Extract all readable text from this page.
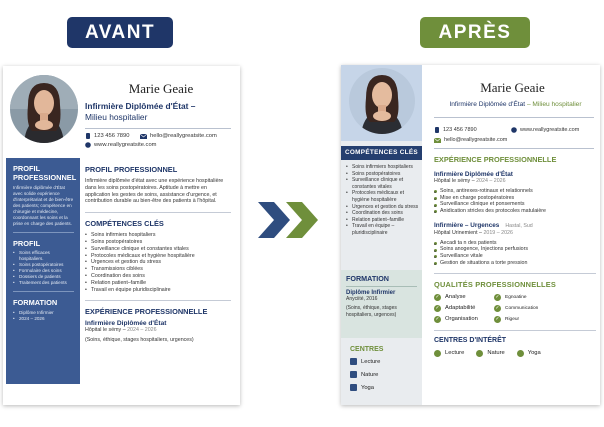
AVANT	APRÈS
Marie Geaie
Infirmière Diplômée d'État –
Milieu hospitalier
123 456 7890	hello@reallygreatsite.com
www.reallygreatsite.com
PROFIL PROFESSIONNEL

Infirmière diplômée d'État avec solide expérience d'interprétariat et de bien-être des patients; compétence en chirurgie et médecine, coordonnant les soins et la prise en charge des patients.

PROFIL
• Soins efficaces hospitaliers.
• Soins postopératoires
• Formulaire des soins
• Dossiers de patients
• Traitement des patients
FORMATION
• Diplôme Infirmier
• 2024 – 2026
PROFIL PROFESSIONNEL

Infirmière diplômée d'état avec une expérience hospitalière dans les soins postopératoires. Aptitude à mettre en application les gestes de soins, assistance d'urgence, et contribution durable au bien-être des patients à l'hôpital.

COMPÉTENCES CLÉS
• Soins infirmiers hospitaliers
• Soins postopératoires
• Surveillance clinique et constantes vitales
• Protocoles médicaux et hygiène hospitalière
• Urgences et gestion du stress
• Transmissions ciblées
• Coordination des soins
• Relation patient–famille
• Travail en équipe pluridisciplinaire
EXPÉRIENCE PROFESSIONNELLE
Infirmière Diplômée d'État

Hôpital le sémy – 2024 – 2026

(Soins, éthique, stages hospitaliers, urgences)

COMPÉTENCES CLÉS
• Soins infirmiers hospitaliers
• Soins postopératoires
• Surveillance clinique et constantes vitales
• Protocoles médicaux et hygiène hospitalière
• Urgences et gestion du stress
• Coordination des soins
• Relation patient–famille
• Travail en équipe – pluridisciplinaire
FORMATION
Diplôme Infirmier
Anyciité, 2016
(Soins, éthique, stages hospitaliers, urgences)
CENTRES
Lecture
Nature
Yoga
Marie Geaie
Infirmière Diplômée d'État – Milieu hospitalier
123 456 7890	www.reallygreatsite.com
hello@reallygreatsite.com
EXPÉRIENCE PROFESSIONNELLE
Infirmière Diplômée d'État

Hôpital le sémy – 2024 – 2026

• Soins, antirexes-rotinaux et relationnels
• Mise en charge postopératoires
• Surveillance clinique et ponsements
• Anidication stricles des protocoles matulaière
Infirmière – Urgences Hastal, Sud

Hôpital Urinemient – 2019 – 2026

• Aecadi ta n des patients
• Soins anogence, Injections perfusiors
• Surveillance vitale
• Gestion de situations a torte pression
QUALITÉS PROFESSIONNELLES
✓ Analyse	✓ Egnoatine
✓ Adaptabilité	✓ Communication
✓ Organisation	✓ Rigeur
CENTRES D'INTÉRÊT
Lecture	Nature	Yoga
